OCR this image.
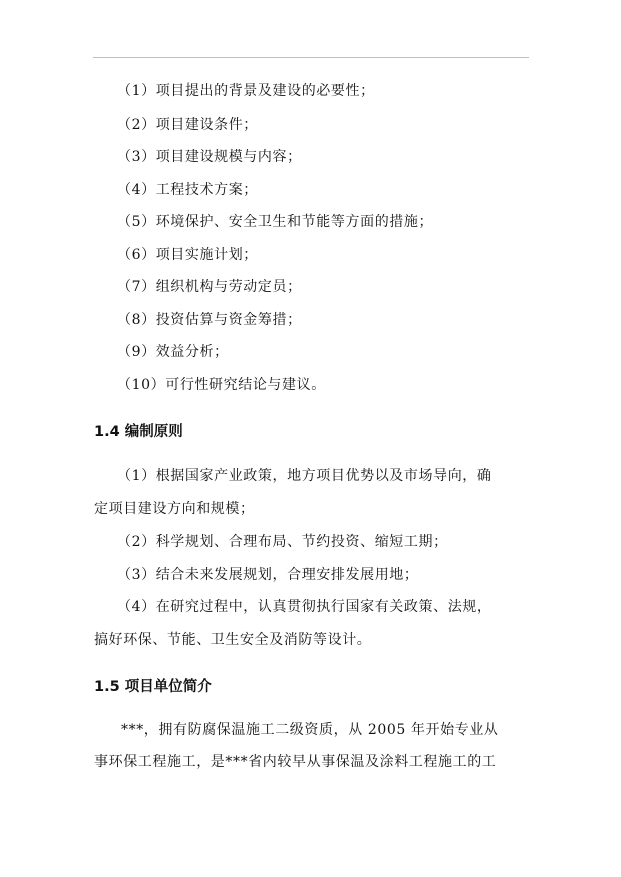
（1）项目提出的背景及建设的必要性；
（2）项目建设条件；
（3）项目建设规模与内容；
（4）工程技术方案；
（5）环境保护、安全卫生和节能等方面的措施；
（6）项目实施计划；
（7）组织机构与劳动定员；
（8）投资估算与资金筹措；
（9）效益分析；
（10）可行性研究结论与建议。
1.4 编制原则
（1）根据国家产业政策，地方项目优势以及市场导向，确
定项目建设方向和规模；
（2）科学规划、合理布局、节约投资、缩短工期；
（3）结合未来发展规划，合理安排发展用地；
（4）在研究过程中，认真贯彻执行国家有关政策、法规，
搞好环保、节能、卫生安全及消防等设计。
1.5 项目单位简介
***，拥有防腐保温施工二级资质，从 2005 年开始专业从
事环保工程施工，是***省内较早从事保温及涂料工程施工的工
